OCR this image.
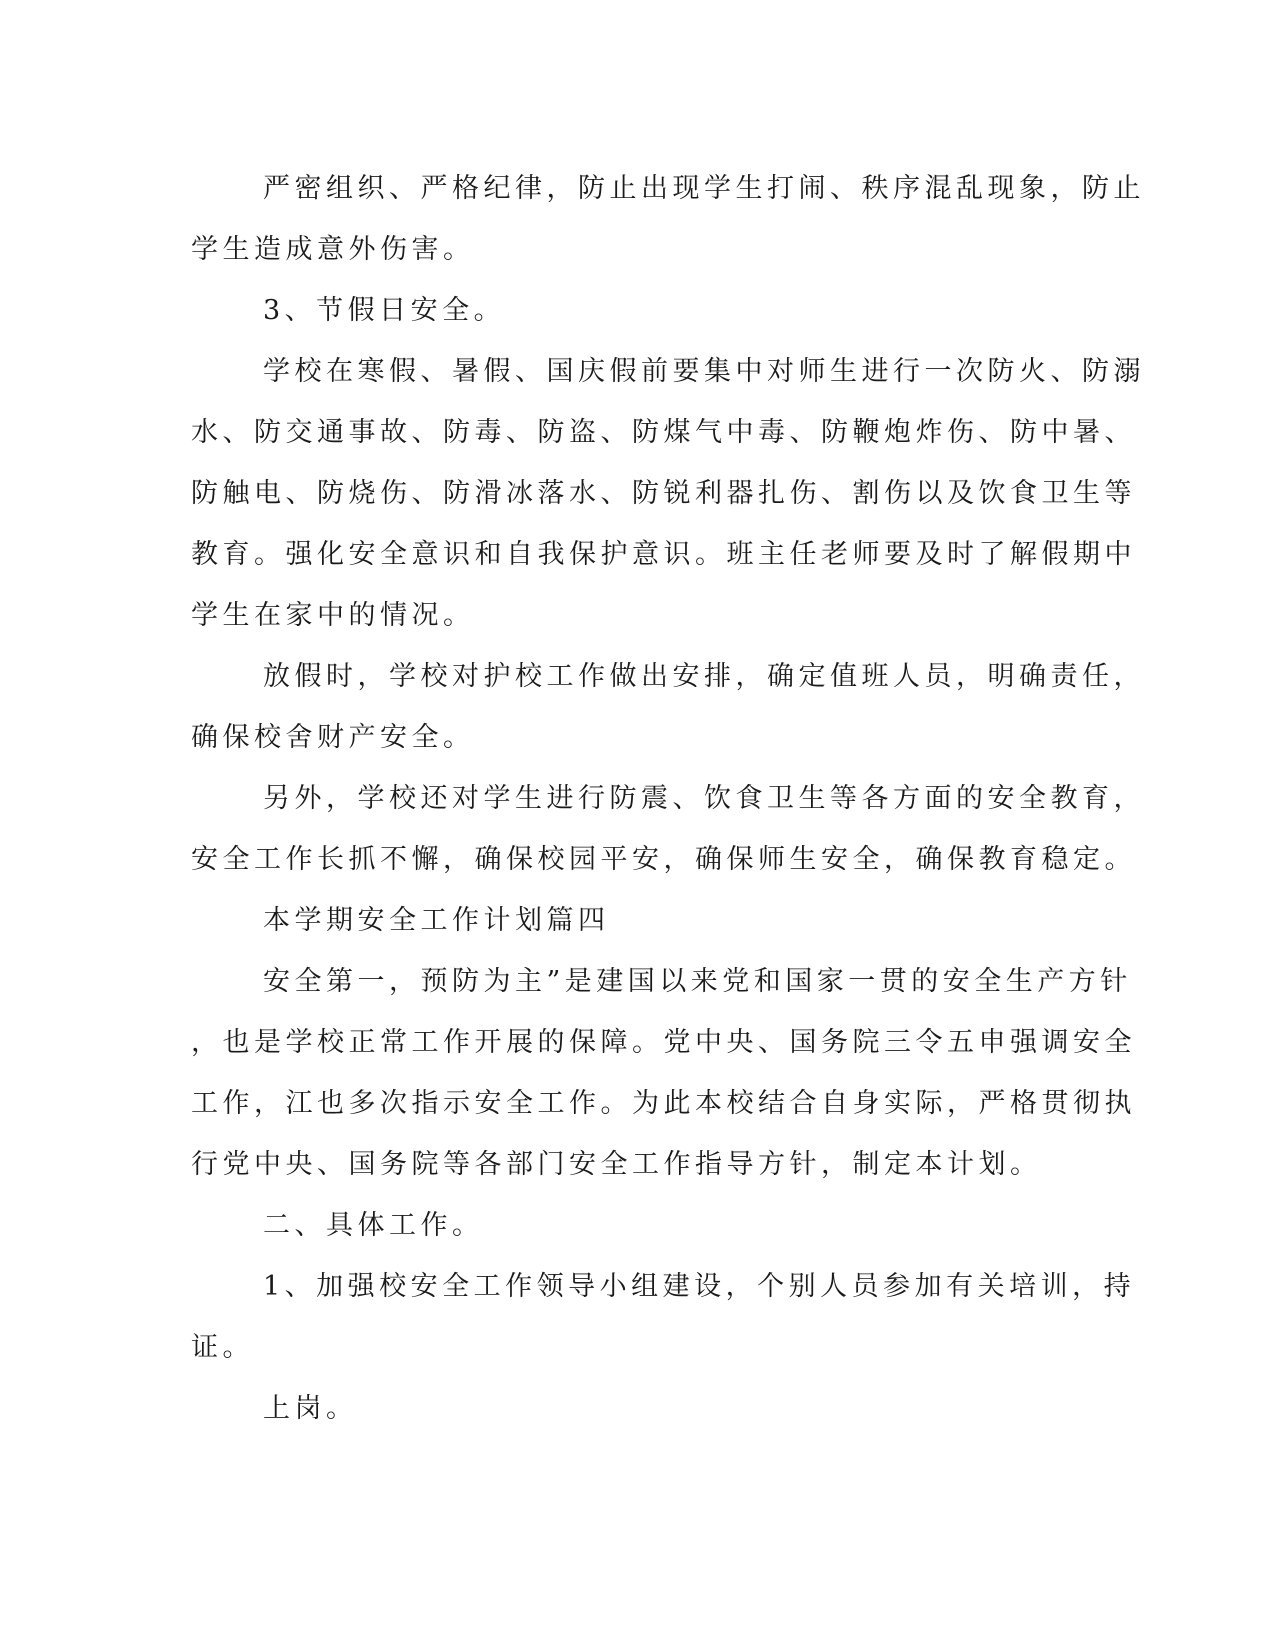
严密组织、严格纪律，防止出现学生打闹、秩序混乱现象，防止
学生造成意外伤害。
3、节假日安全。
学校在寒假、暑假、国庆假前要集中对师生进行一次防火、防溺
水、防交通事故、防毒、防盗、防煤气中毒、防鞭炮炸伤、防中暑、
防触电、防烧伤、防滑冰落水、防锐利器扎伤、割伤以及饮食卫生等
教育。强化安全意识和自我保护意识。班主任老师要及时了解假期中
学生在家中的情况。
放假时，学校对护校工作做出安排，确定值班人员，明确责任，
确保校舍财产安全。
另外，学校还对学生进行防震、饮食卫生等各方面的安全教育，
安全工作长抓不懈，确保校园平安，确保师生安全，确保教育稳定。
本学期安全工作计划篇四
安全第一，预防为主”是建国以来党和国家一贯的安全生产方针
，也是学校正常工作开展的保障。党中央、国务院三令五申强调安全
工作，江也多次指示安全工作。为此本校结合自身实际，严格贯彻执
行党中央、国务院等各部门安全工作指导方针，制定本计划。
二、具体工作。
1、加强校安全工作领导小组建设，个别人员参加有关培训，持
证。
上岗。
